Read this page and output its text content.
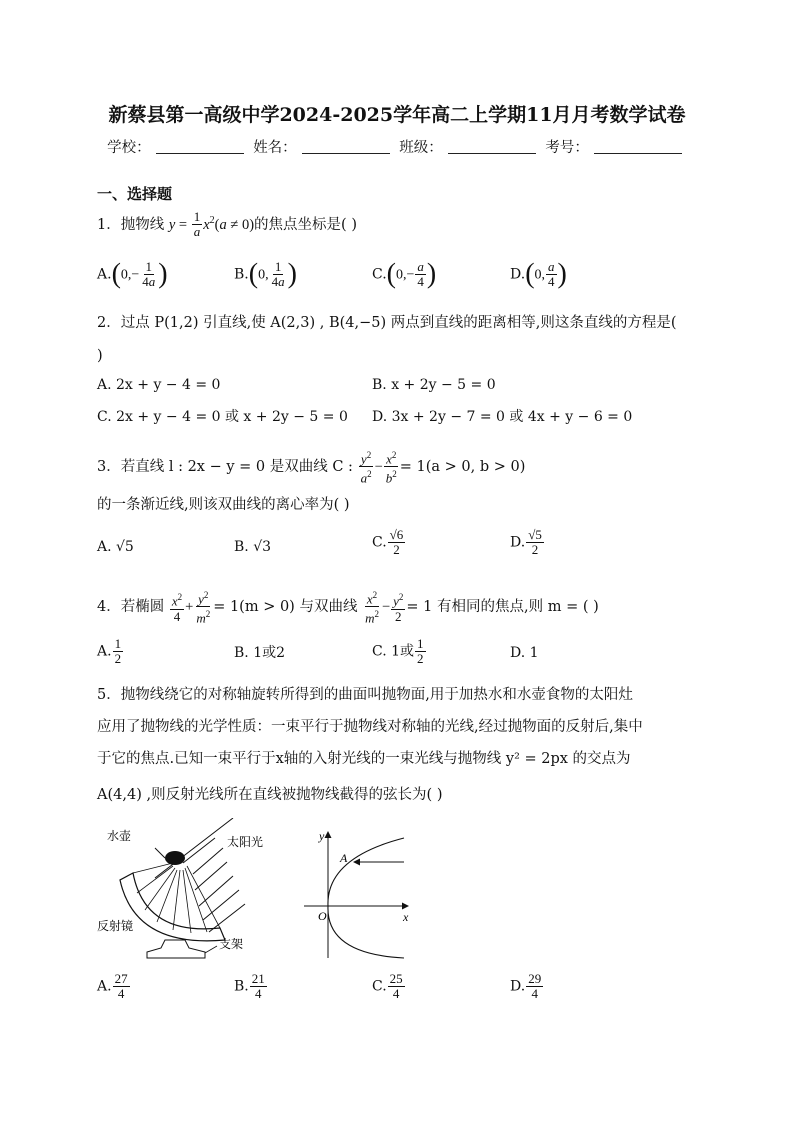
新蔡县第一高级中学2024-2025学年高二上学期11月月考数学试卷
学校：	姓名：	班级：	考号：
一、选择题
1．抛物线 $y = \frac{1}{a} x^2(a \ne 0)$的焦点坐标是( )
$A.(0,- \frac{1}{4a}$ )	B.(0, $\frac{1}{4a}$ )	$C.(0,- \frac{a}{4}$ )	D.(0, $\frac{a}{4}$ )
2．过点 P(1,2) 引直线,使 A(2,3) , B(4,−5) 两点到直线的距离相等,则这条直线的方程是(
)
A. 2x + y − 4 = 0	B. x + 2y − 5 = 0
C. 2x + y − 4 = 0 或 x + 2y − 5 = 0 D. 3x + 2y − 7 = 0 或 4x + y − 6 = 0
3．若直线 l : 2x − y = 0 是双曲线 C : $\frac{y^2}{a^2} - \frac{x^2}{b^2} = 1(a > 0$, b > 0)
的一条渐近线,则该双曲线的离心率为( )
A. √5	B. √3	C. $\frac{√6}{2}$	D. $\frac{√5}{2}$
4．若椭圆 $\frac{x^2}{4} + \frac{y^2}{m^2} = 1(m > 0)$ 与双曲线 $\frac{x^2}{m^2} - \frac{y^2}{2} = 1$ 有相同的焦点,则 m = ( )
A. $\frac{1}{2}$	B. 1或2	C. 1或 $\frac{1}{2}$	D. 1
5．抛物线绕它的对称轴旋转所得到的曲面叫抛物面,用于加热水和水壶食物的太阳灶
应用了抛物线的光学性质：一束平行于抛物线对称轴的光线,经过抛物面的反射后,集中
于它的焦点.已知一束平行于x轴的入射光线的一束光线与抛物线 y² = 2px 的交点为
A(4,4) ,则反射光线所在直线被抛物线截得的弦长为( )
水壶	太阳光
反射镜
支架
y
x
O
A
A. $\frac{27}{4}$	B. $\frac{21}{4}$	C. $\frac{25}{4}$	D. $\frac{29}{4}$
